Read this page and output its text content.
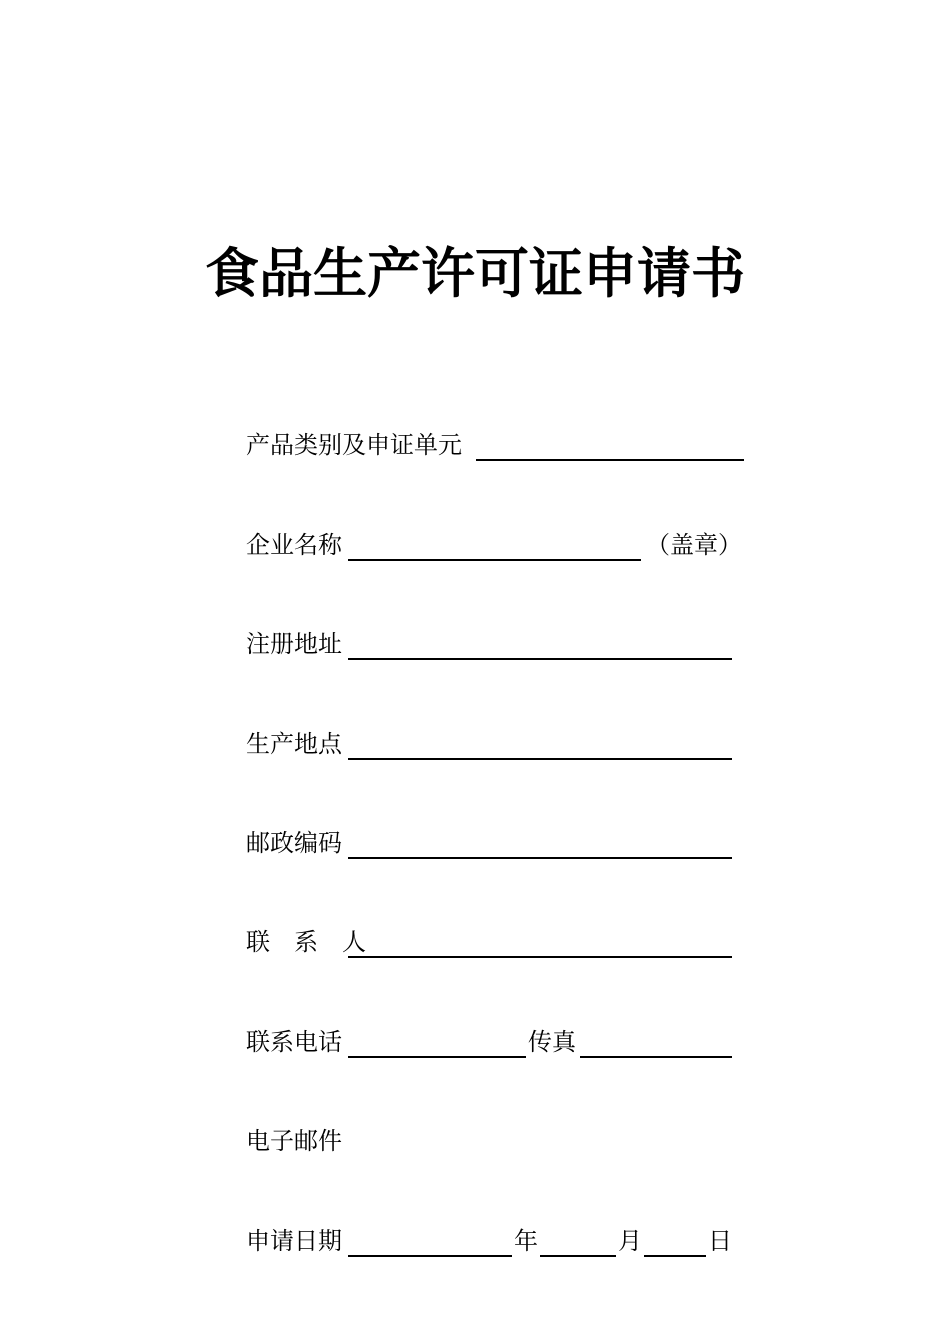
食品生产许可证申请书
产品类别及申证单元
企业名称	（盖章）
注册地址
生产地点
邮政编码
联　系　人
联系电话	传真
电子邮件
申请日期	年	月	日
